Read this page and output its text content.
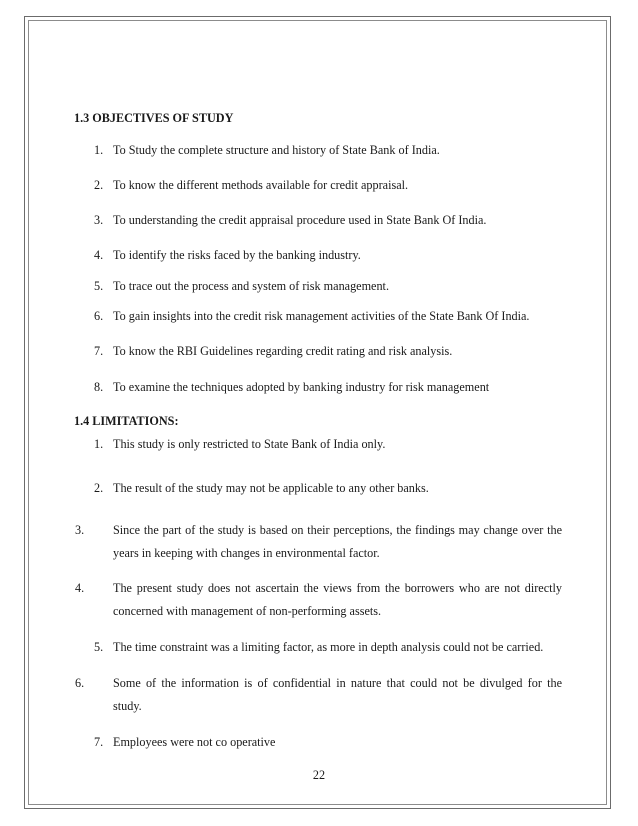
1.3 OBJECTIVES OF STUDY
1. To Study the complete structure and history of State Bank of India.
2. To know the different methods available for credit appraisal.
3. To understanding the credit appraisal procedure used in State Bank Of India.
4. To identify the risks faced by the banking industry.
5. To trace out the process and system of risk management.
6. To gain insights into the credit risk management activities of the State Bank Of India.
7. To know the RBI Guidelines regarding credit rating and risk analysis.
8. To examine the techniques adopted by banking industry for risk management
1.4 LIMITATIONS:
1. This study is only restricted to State Bank of India only.
2. The result of the study may not be applicable to any other banks.
3. Since the part of the study is based on their perceptions, the findings may change over the
years in keeping with changes in environmental factor.
4. The present study does not ascertain the views from the borrowers who are not directly
concerned with management of non-performing assets.
5. The time constraint was a limiting factor, as more in depth analysis could not be carried.
6. Some of the information is of confidential in nature that could not be divulged for the
study.
7. Employees were not co operative
22
